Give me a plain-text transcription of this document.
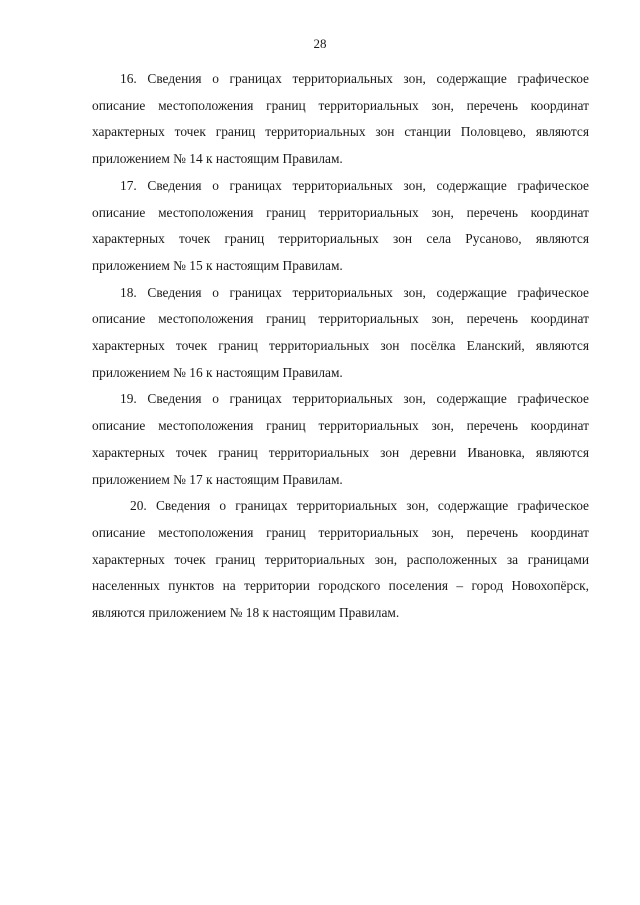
28

16. Сведения о границах территориальных зон, содержащие графическое описание местоположения границ территориальных зон, перечень координат характерных точек границ территориальных зон станции Половцево, являются приложением № 14 к настоящим Правилам.

17. Сведения о границах территориальных зон, содержащие графическое описание местоположения границ территориальных зон, перечень координат характерных точек границ территориальных зон села Русаново, являются приложением № 15 к настоящим Правилам.

18. Сведения о границах территориальных зон, содержащие графическое описание местоположения границ территориальных зон, перечень координат характерных точек границ территориальных зон посёлка Еланский, являются приложением № 16 к настоящим Правилам.

19. Сведения о границах территориальных зон, содержащие графическое описание местоположения границ территориальных зон, перечень координат характерных точек границ территориальных зон деревни Ивановка, являются приложением № 17 к настоящим Правилам.

20. Сведения о границах территориальных зон, содержащие графическое описание местоположения границ территориальных зон, перечень координат характерных точек границ территориальных зон, расположенных за границами населенных пунктов на территории городского поселения – город Новохопёрск, являются приложением № 18 к настоящим Правилам.
